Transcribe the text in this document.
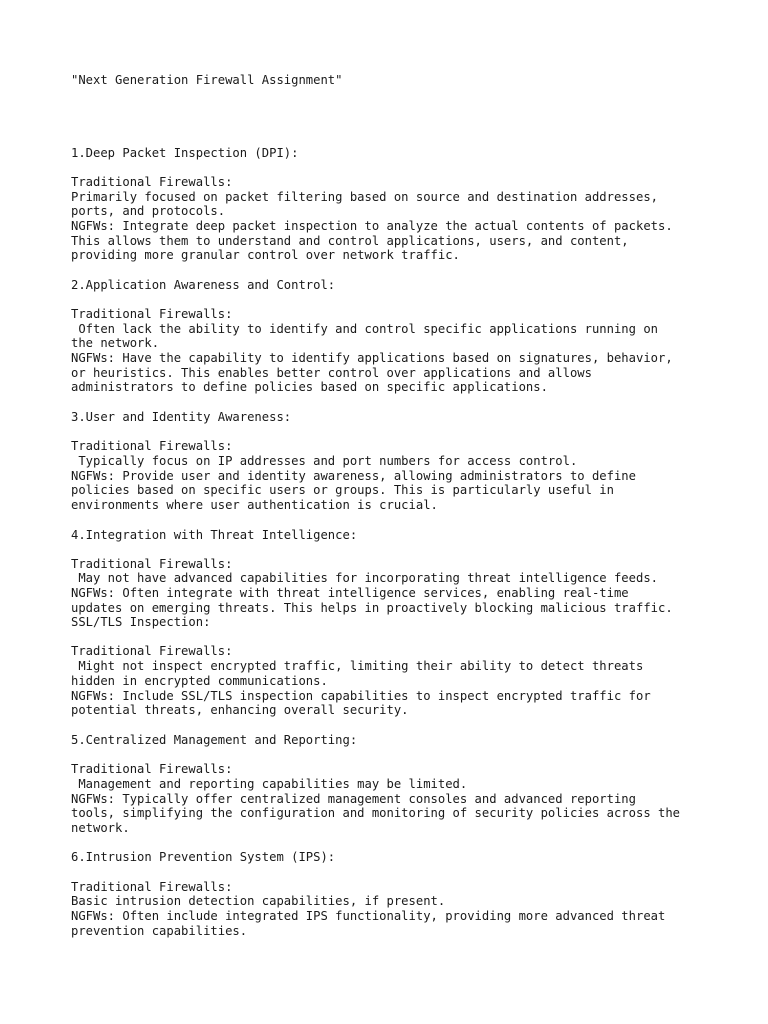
"Next Generation Firewall Assignment"

1.Deep Packet Inspection (DPI):

Traditional Firewalls:

Primarily focused on packet filtering based on source and destination addresses,

ports, and protocols.

NGFWs: Integrate deep packet inspection to analyze the actual contents of packets.

This allows them to understand and control applications, users, and content,

providing more granular control over network traffic.

2.Application Awareness and Control:

Traditional Firewalls:

Often lack the ability to identify and control specific applications running on

the network.

NGFWs: Have the capability to identify applications based on signatures, behavior,

or heuristics. This enables better control over applications and allows

administrators to define policies based on specific applications.

3.User and Identity Awareness:

Traditional Firewalls:

Typically focus on IP addresses and port numbers for access control.

NGFWs: Provide user and identity awareness, allowing administrators to define

policies based on specific users or groups. This is particularly useful in

environments where user authentication is crucial.

4.Integration with Threat Intelligence:

Traditional Firewalls:

May not have advanced capabilities for incorporating threat intelligence feeds.

NGFWs: Often integrate with threat intelligence services, enabling real-time

updates on emerging threats. This helps in proactively blocking malicious traffic.

SSL/TLS Inspection:

Traditional Firewalls:

Might not inspect encrypted traffic, limiting their ability to detect threats

hidden in encrypted communications.

NGFWs: Include SSL/TLS inspection capabilities to inspect encrypted traffic for

potential threats, enhancing overall security.

5.Centralized Management and Reporting:

Traditional Firewalls:

Management and reporting capabilities may be limited.

NGFWs: Typically offer centralized management consoles and advanced reporting

tools, simplifying the configuration and monitoring of security policies across the

network.

6.Intrusion Prevention System (IPS):

Traditional Firewalls:

Basic intrusion detection capabilities, if present.

NGFWs: Often include integrated IPS functionality, providing more advanced threat

prevention capabilities.
